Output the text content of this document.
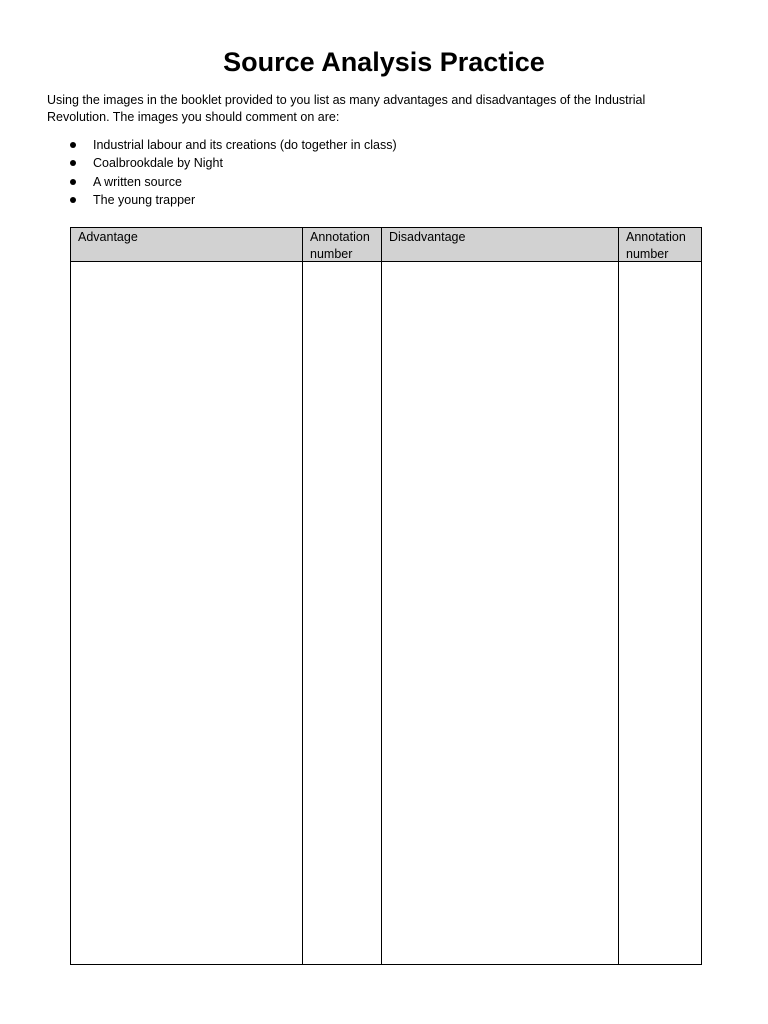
Source Analysis Practice
Using the images in the booklet provided to you list as many advantages and disadvantages of the Industrial Revolution. The images you should comment on are:
Industrial labour and its creations (do together in class)
Coalbrookdale by Night
A written source
The young trapper
Advantage	Annotation number
Disadvantage	Annotation number
